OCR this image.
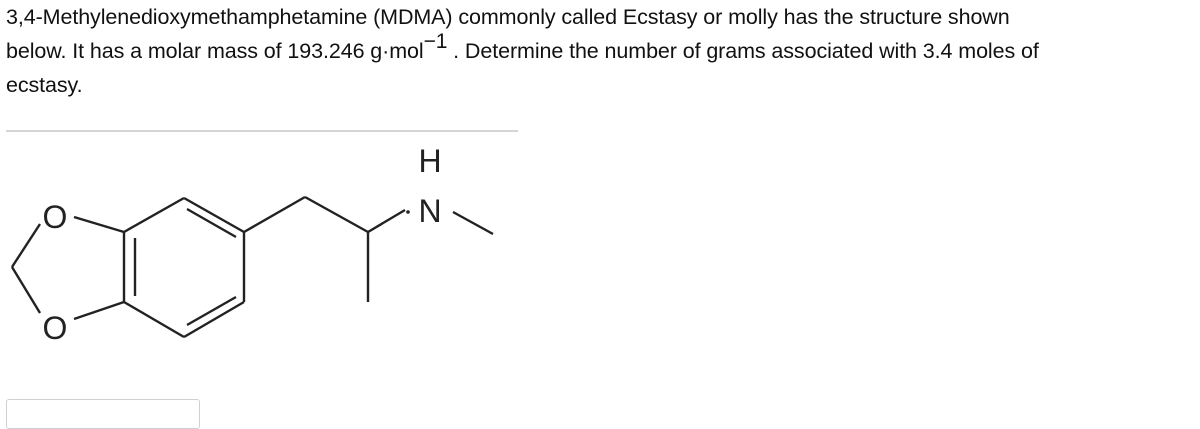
3,4-Methylenedioxymethamphetamine (MDMA) commonly called Ecstasy or molly has the structure shown
below. It has a molar mass of 193.246 g·mol$^{-1}$ . Determine the number of grams associated with 3.4 moles of
ecstasy.
O
O
N
H
